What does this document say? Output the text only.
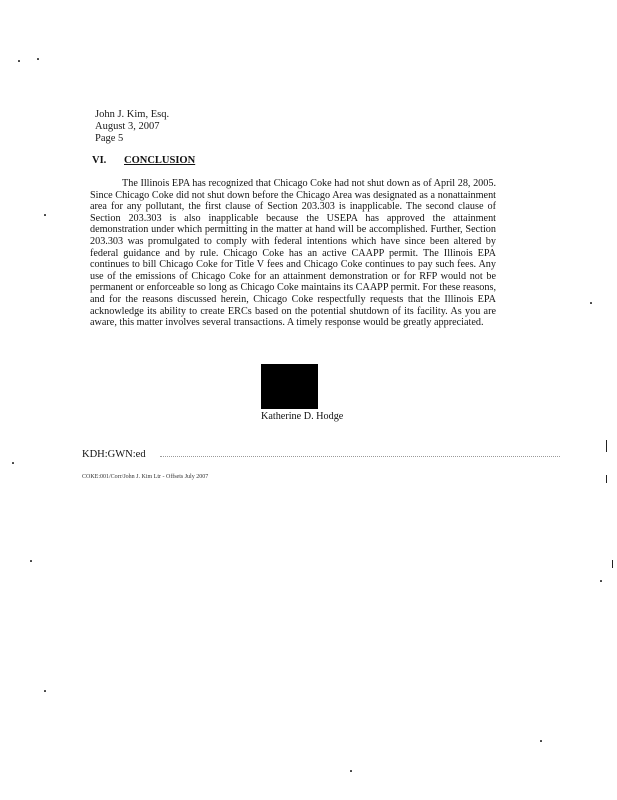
John J. Kim, Esq.
August 3, 2007
Page 5
VI. CONCLUSION
The Illinois EPA has recognized that Chicago Coke had not shut down as of April 28, 2005. Since Chicago Coke did not shut down before the Chicago Area was designated as a nonattainment area for any pollutant, the first clause of Section 203.303 is inapplicable. The second clause of Section 203.303 is also inapplicable because the USEPA has approved the attainment demonstration under which permitting in the matter at hand will be accomplished. Further, Section 203.303 was promulgated to comply with federal intentions which have since been altered by federal guidance and by rule. Chicago Coke has an active CAAPP permit. The Illinois EPA continues to bill Chicago Coke for Title V fees and Chicago Coke continues to pay such fees. Any use of the emissions of Chicago Coke for an attainment demonstration or for RFP would not be permanent or enforceable so long as Chicago Coke maintains its CAAPP permit. For these reasons, and for the reasons discussed herein, Chicago Coke respectfully requests that the Illinois EPA acknowledge its ability to create ERCs based on the potential shutdown of its facility. As you are aware, this matter involves several transactions. A timely response would be greatly appreciated.
Katherine D. Hodge
KDH:GWN:ed
COKE:001/Corr/John J. Kim Ltr - Offsets July 2007
